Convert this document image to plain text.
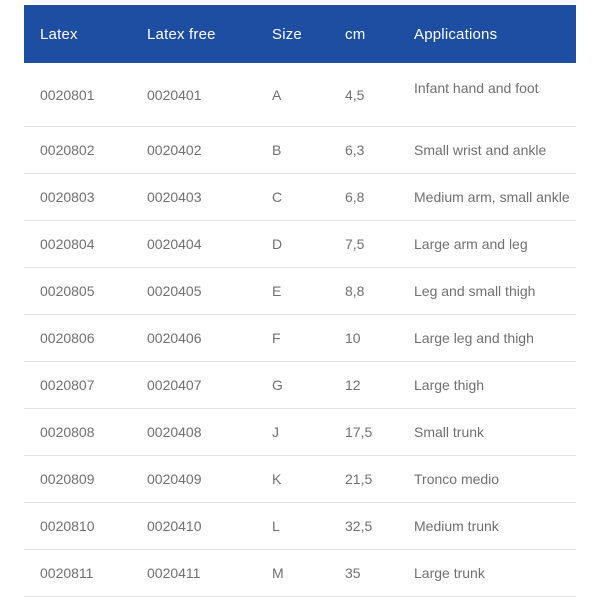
Latex	Latex free	Size	cm	Applications
0020801	0020401	A	4,5	Infant hand and foot
0020802	0020402	B	6,3	Small wrist and ankle
0020803	0020403	C	6,8	Medium arm, small ankle
0020804	0020404	D	7,5	Large arm and leg
0020805	0020405	E	8,8	Leg and small thigh
0020806	0020406	F	10	Large leg and thigh
0020807	0020407	G	12	Large thigh
0020808	0020408	J	17,5	Small trunk
0020809	0020409	K	21,5	Tronco medio
0020810	0020410	L	32,5	Medium trunk
0020811	0020411	M	35	Large trunk
